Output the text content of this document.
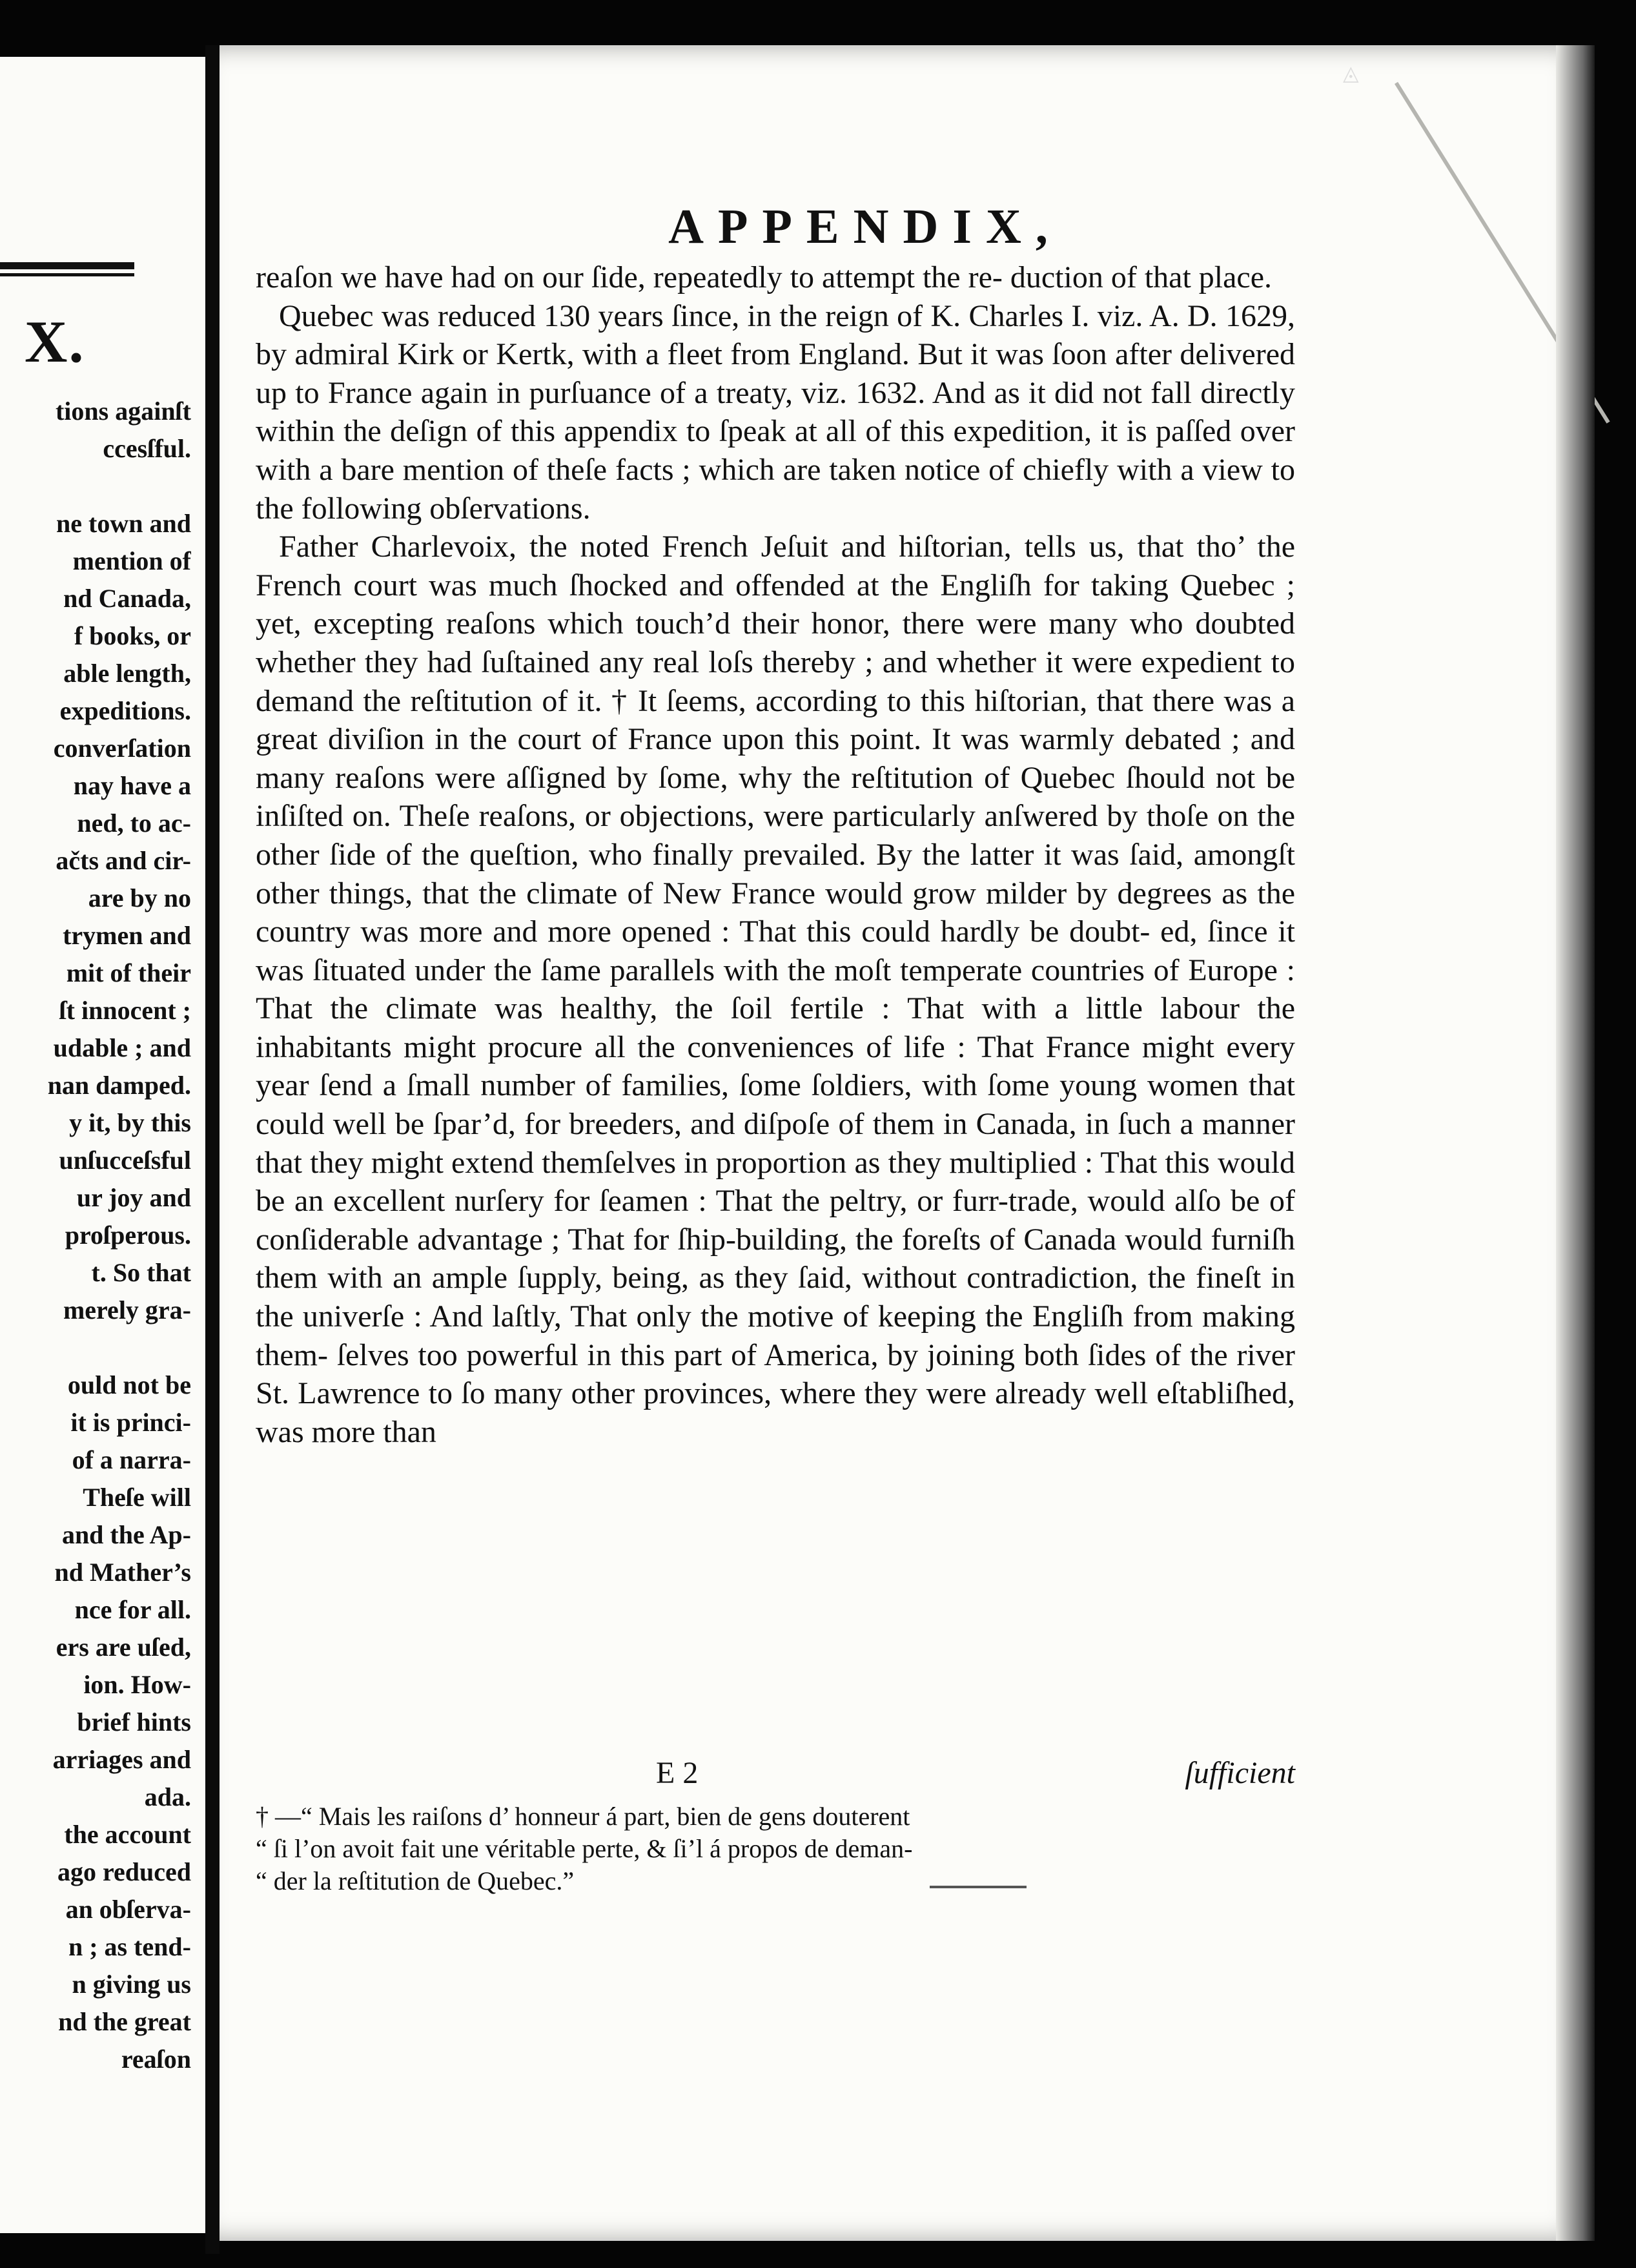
X.
tions againſt
ccesſful.

ne town and
mention of
nd Canada,
f books, or
able length,
expeditions.
converſation
nay have a
ned, to ac-
ačts and cir-
are by no
trymen and
mit of their
ſt innocent ;
udable ; and
nan damped.
y it, by this
unſucceſsful
ur joy and
proſperous.
t. So that
merely gra-

ould not be
it is princi-
of a narra-
Theſe will
and the Ap-
nd Mather’s
nce for all.
ers are uſed,
ion. How-
brief hints
arriages and
ada.
the account
ago reduced
an obſerva-
n ; as tend-
n giving us
nd the great
reaſon
◬
APPENDIX,

reaſon we have had on our ſide, repeatedly to attempt the re- duction of that place.

Quebec was reduced 130 years ſince, in the reign of K. Charles I. viz. A. D. 1629, by admiral Kirk or Kertk, with a fleet from England. But it was ſoon after delivered up to France again in purſuance of a treaty, viz. 1632. And as it did not fall directly within the deſign of this appendix to ſpeak at all of this expedition, it is paſſed over with a bare mention of theſe facts ; which are taken notice of chiefly with a view to the following obſervations.

Father Charlevoix, the noted French Jeſuit and hiſtorian, tells us, that tho’ the French court was much ſhocked and offended at the Engliſh for taking Quebec ; yet, excepting reaſons which touch’d their honor, there were many who doubted whether they had ſuſtained any real loſs thereby ; and whether it were expedient to demand the reſtitution of it. † It ſeems, according to this hiſtorian, that there was a great diviſion in the court of France upon this point. It was warmly debated ; and many reaſons were aſſigned by ſome, why the reſtitution of Quebec ſhould not be inſiſted on. Theſe reaſons, or objections, were particularly anſwered by thoſe on the other ſide of the queſtion, who finally prevailed. By the latter it was ſaid, amongſt other things, that the climate of New France would grow milder by degrees as the country was more and more opened : That this could hardly be doubt- ed, ſince it was ſituated under the ſame parallels with the moſt temperate countries of Europe : That the climate was healthy, the ſoil fertile : That with a little labour the inhabitants might procure all the conveniences of life : That France might every year ſend a ſmall number of families, ſome ſoldiers, with ſome young women that could well be ſpar’d, for breeders, and diſpoſe of them in Canada, in ſuch a manner that they might extend themſelves in proportion as they multiplied : That this would be an excellent nurſery for ſeamen : That the peltry, or furr-trade, would alſo be of conſiderable advantage ; That for ſhip-building, the foreſts of Canada would furniſh them with an ample ſupply, being, as they ſaid, without contradiction, the fineſt in the univerſe : And laſtly, That only the motive of keeping the Engliſh from making them- ſelves too powerful in this part of America, by joining both ſides of the river St. Lawrence to ſo many other provinces, where they were already well eſtabliſhed, was more than

E 2	ſufficient
† —“ Mais les raiſons d’ honneur á part, bien de gens douterent
“ ſi l’on avoit fait une véritable perte, & ſi’l á propos de deman-
“ der la reſtitution de Quebec.”
